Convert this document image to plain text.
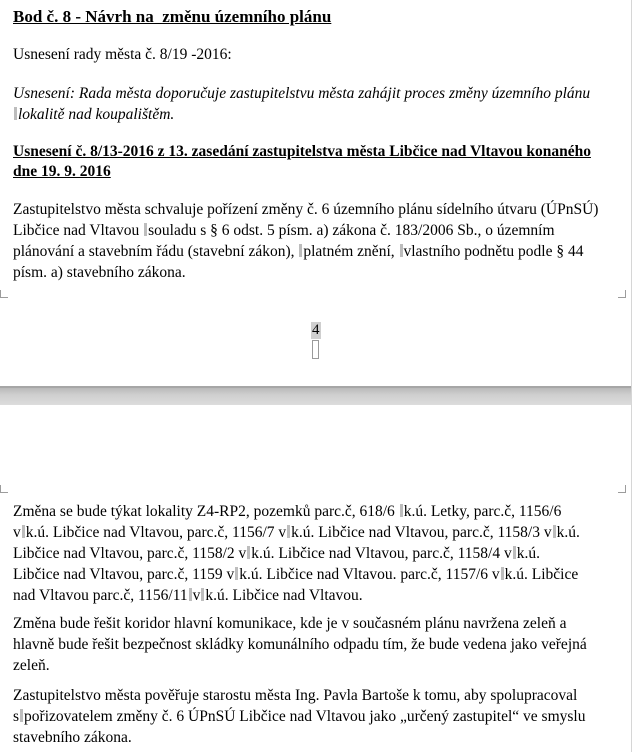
Bod č. 8 - Návrh na  změnu územního plánu

Usnesení rady města č. 8/19 -2016:

Usnesení: Rada města doporučuje zastupitelstvu města zahájit proces změny územního plánu

lokalitě nad koupalištěm.

Usnesení č. 8/13-2016 z 13. zasedání zastupitelstva města Libčice nad Vltavou konaného

dne 19. 9. 2016

Zastupitelstvo města schvaluje pořízení změny č. 6 územního plánu sídelního útvaru (ÚPnSÚ)

Libčice nad Vltavou souladu s § 6 odst. 5 písm. a) zákona č. 183/2006 Sb., o územním

plánování a stavebním řádu (stavební zákon), platném znění, vlastního podnětu podle § 44

písm. a) stavebního zákona.

4

Změna se bude týkat lokality Z4-RP2, pozemků parc.č, 618/6 k.ú. Letky, parc.č, 1156/6

v k.ú. Libčice nad Vltavou, parc.č, 1156/7 v k.ú. Libčice nad Vltavou, parc.č, 1158/3 v k.ú.

Libčice nad Vltavou, parc.č, 1158/2 v k.ú. Libčice nad Vltavou, parc.č, 1158/4 v k.ú.

Libčice nad Vltavou, parc.č, 1159 v k.ú. Libčice nad Vltavou. parc.č, 1157/6 v k.ú. Libčice

nad Vltavou parc.č, 1156/11 v k.ú. Libčice nad Vltavou.

Změna bude řešit koridor hlavní komunikace, kde je v současném plánu navržena zeleň a

hlavně bude řešit bezpečnost skládky komunálního odpadu tím, že bude vedena jako veřejná

zeleň.

Zastupitelstvo města pověřuje starostu města Ing. Pavla Bartoše k tomu, aby spolupracoval

s pořizovatelem změny č. 6 ÚPnSÚ Libčice nad Vltavou jako „určený zastupitel“ ve smyslu

stavebního zákona.
